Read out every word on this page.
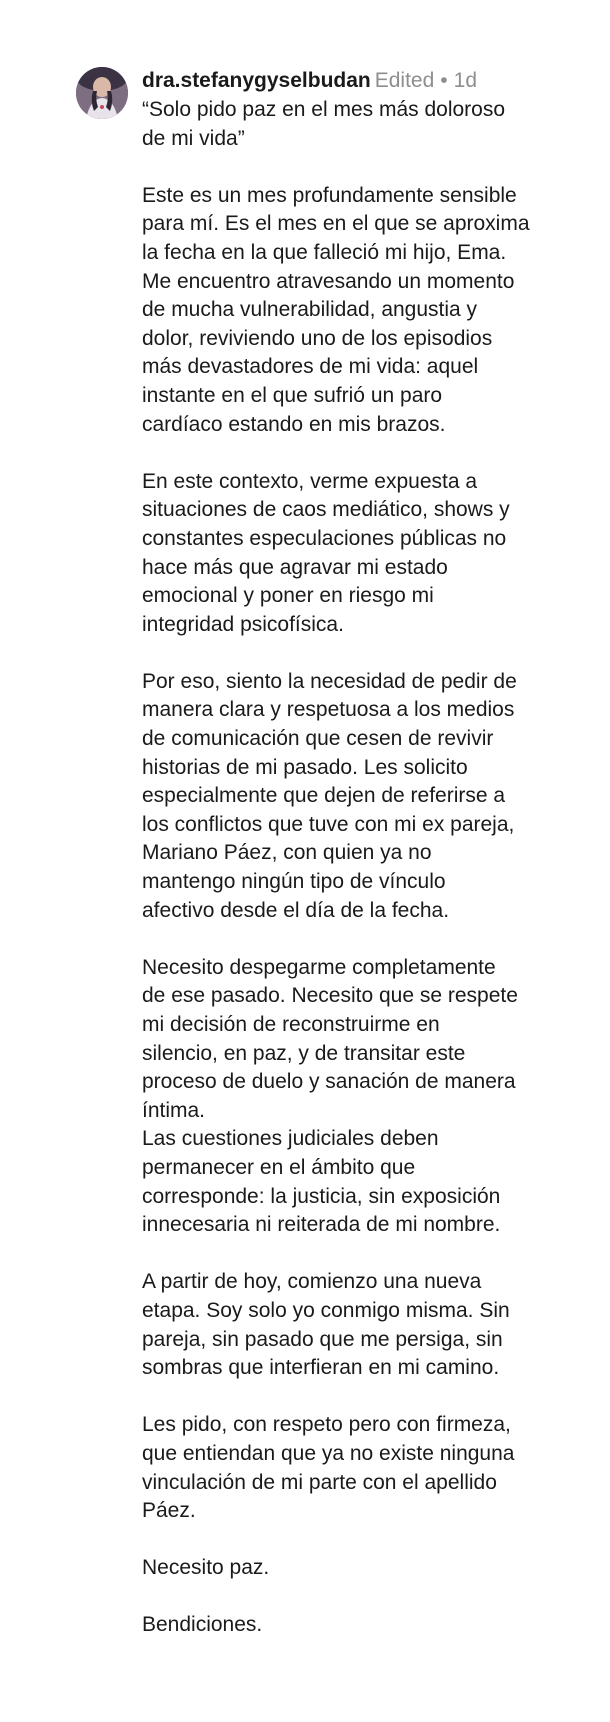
dra.stefanygyselbudan Edited • 1d

“Solo pido paz en el mes más doloroso
de mi vida”

Este es un mes profundamente sensible
para mí. Es el mes en el que se aproxima
la fecha en la que falleció mi hijo, Ema.
Me encuentro atravesando un momento
de mucha vulnerabilidad, angustia y
dolor, reviviendo uno de los episodios
más devastadores de mi vida: aquel
instante en el que sufrió un paro
cardíaco estando en mis brazos.

En este contexto, verme expuesta a
situaciones de caos mediático, shows y
constantes especulaciones públicas no
hace más que agravar mi estado
emocional y poner en riesgo mi
integridad psicofísica.

Por eso, siento la necesidad de pedir de
manera clara y respetuosa a los medios
de comunicación que cesen de revivir
historias de mi pasado. Les solicito
especialmente que dejen de referirse a
los conflictos que tuve con mi ex pareja,
Mariano Páez, con quien ya no
mantengo ningún tipo de vínculo
afectivo desde el día de la fecha.

Necesito despegarme completamente
de ese pasado. Necesito que se respete
mi decisión de reconstruirme en
silencio, en paz, y de transitar este
proceso de duelo y sanación de manera
íntima.
Las cuestiones judiciales deben
permanecer en el ámbito que
corresponde: la justicia, sin exposición
innecesaria ni reiterada de mi nombre.

A partir de hoy, comienzo una nueva
etapa. Soy solo yo conmigo misma. Sin
pareja, sin pasado que me persiga, sin
sombras que interfieran en mi camino.

Les pido, con respeto pero con firmeza,
que entiendan que ya no existe ninguna
vinculación de mi parte con el apellido
Páez.

Necesito paz.

Bendiciones.
